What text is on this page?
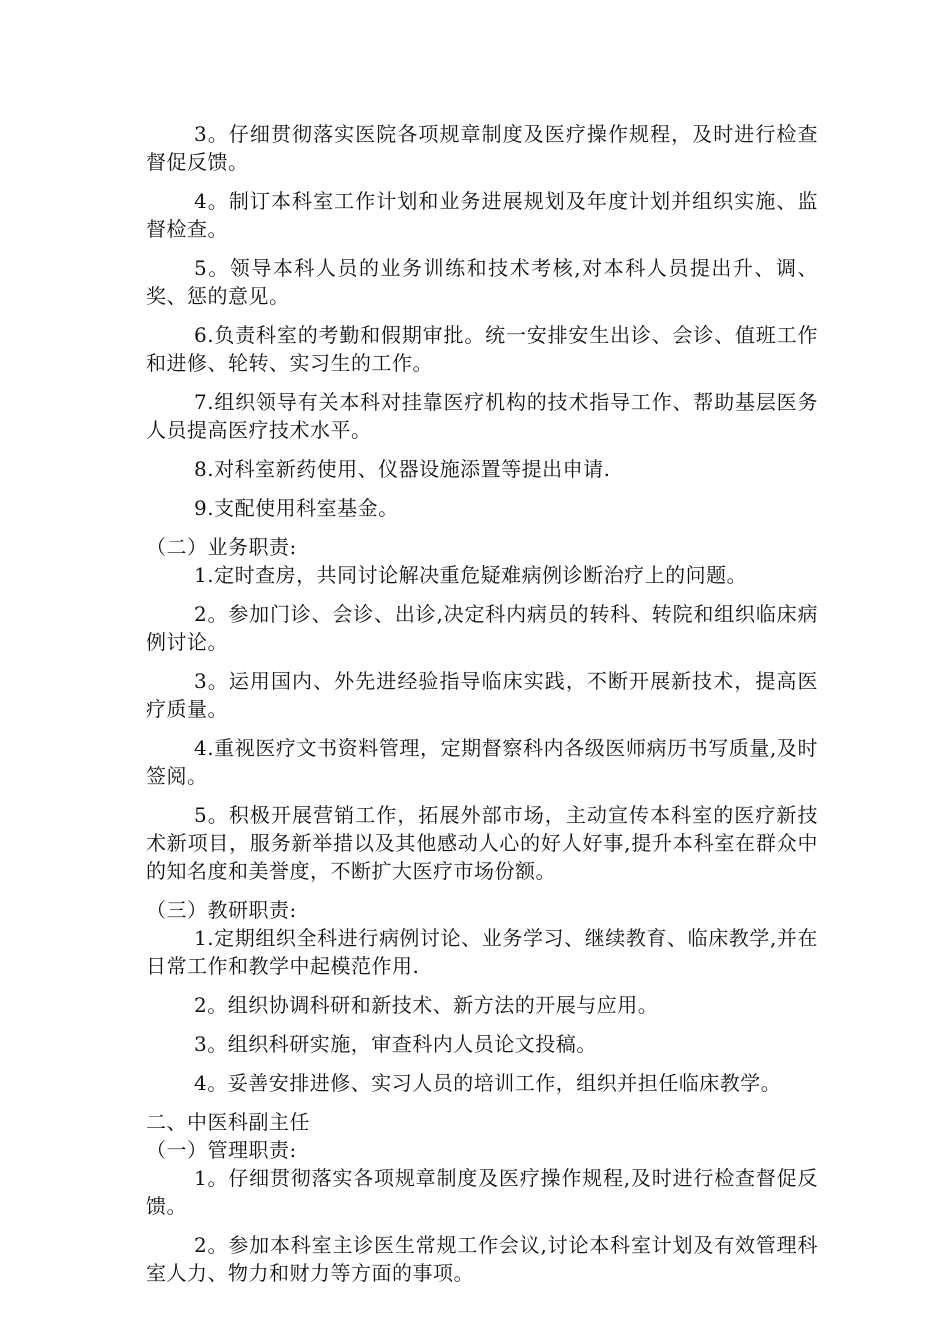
3。仔细贯彻落实医院各项规章制度及医疗操作规程，及时进行检查督促反馈。

4。制订本科室工作计划和业务进展规划及年度计划并组织实施、监督检查。

5。领导本科人员的业务训练和技术考核,对本科人员提出升、调、奖、惩的意见。

6.负责科室的考勤和假期审批。统一安排安生出诊、会诊、值班工作和进修、轮转、实习生的工作。

7.组织领导有关本科对挂靠医疗机构的技术指导工作、帮助基层医务人员提高医疗技术水平。

8.对科室新药使用、仪器设施添置等提出申请.

9.支配使用科室基金。

（二）业务职责:

1.定时查房，共同讨论解决重危疑难病例诊断治疗上的问题。

2。参加门诊、会诊、出诊,决定科内病员的转科、转院和组织临床病例讨论。

3。运用国内、外先进经验指导临床实践，不断开展新技术，提高医疗质量。

4.重视医疗文书资料管理，定期督察科内各级医师病历书写质量,及时签阅。

5。积极开展营销工作，拓展外部市场，主动宣传本科室的医疗新技术新项目，服务新举措以及其他感动人心的好人好事,提升本科室在群众中的知名度和美誉度，不断扩大医疗市场份额。

（三）教研职责:

1.定期组织全科进行病例讨论、业务学习、继续教育、临床教学,并在日常工作和教学中起模范作用.

2。组织协调科研和新技术、新方法的开展与应用。

3。组织科研实施，审查科内人员论文投稿。

4。妥善安排进修、实习人员的培训工作，组织并担任临床教学。

二、中医科副主任

（一）管理职责:

1。仔细贯彻落实各项规章制度及医疗操作规程,及时进行检查督促反馈。

2。参加本科室主诊医生常规工作会议,讨论本科室计划及有效管理科室人力、物力和财力等方面的事项。
